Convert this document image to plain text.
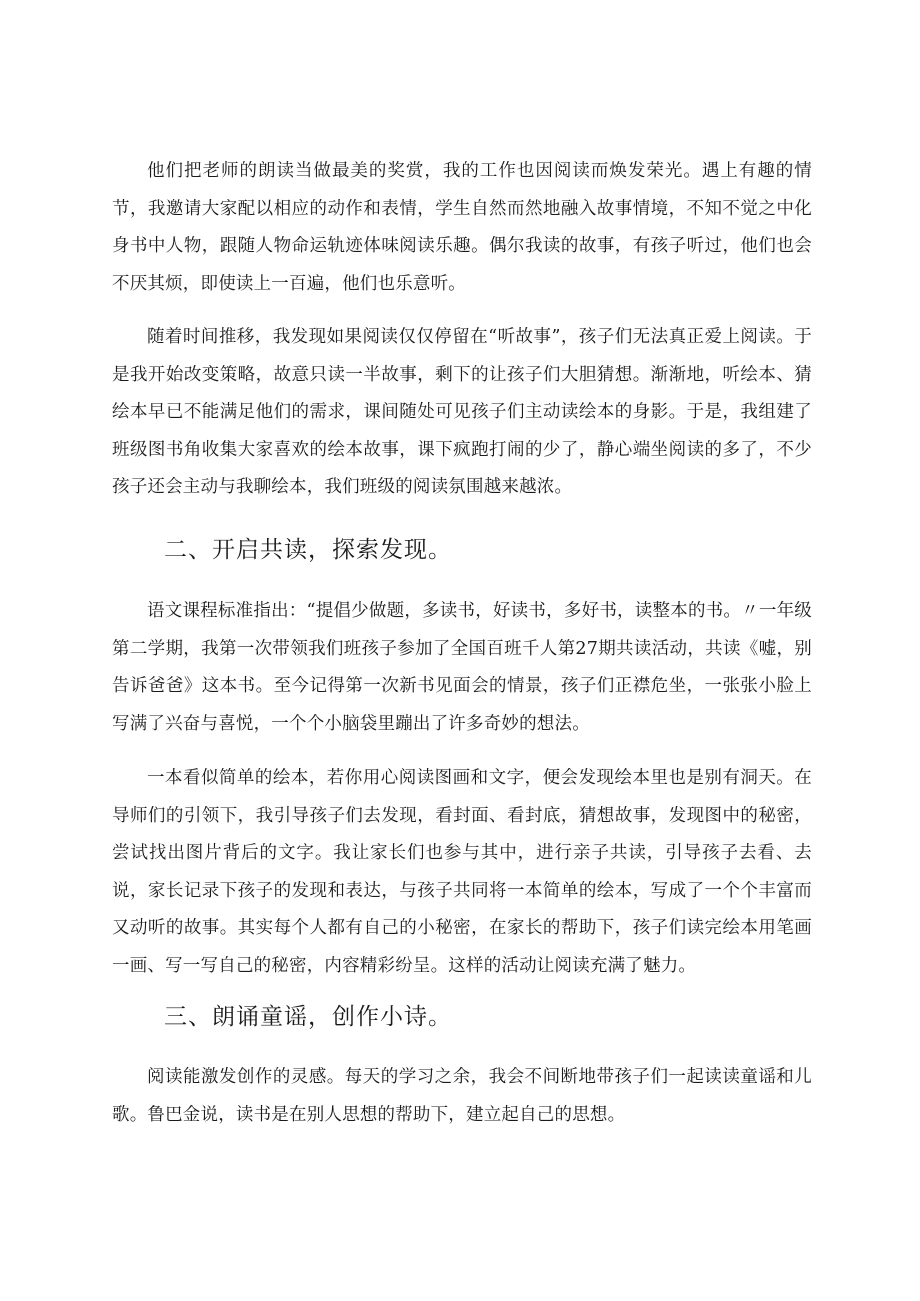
他们把老师的朗读当做最美的奖赏，我的工作也因阅读而焕发荣光。遇上有趣的情节，我邀请大家配以相应的动作和表情，学生自然而然地融入故事情境，不知不觉之中化身书中人物，跟随人物命运轨迹体味阅读乐趣。偶尔我读的故事，有孩子听过，他们也会不厌其烦，即使读上一百遍，他们也乐意听。

随着时间推移，我发现如果阅读仅仅停留在“听故事”，孩子们无法真正爱上阅读。于是我开始改变策略，故意只读一半故事，剩下的让孩子们大胆猜想。渐渐地，听绘本、猜绘本早已不能满足他们的需求，课间随处可见孩子们主动读绘本的身影。于是，我组建了班级图书角收集大家喜欢的绘本故事，课下疯跑打闹的少了，静心端坐阅读的多了，不少孩子还会主动与我聊绘本，我们班级的阅读氛围越来越浓。

二、开启共读，探索发现。

语文课程标准指出：“提倡少做题，多读书，好读书，多好书，读整本的书。〃一年级第二学期，我第一次带领我们班孩子参加了全国百班千人第27期共读活动，共读《嘘，别告诉爸爸》这本书。至今记得第一次新书见面会的情景，孩子们正襟危坐，一张张小脸上写满了兴奋与喜悦，一个个小脑袋里蹦出了许多奇妙的想法。

一本看似简单的绘本，若你用心阅读图画和文字，便会发现绘本里也是别有洞天。在导师们的引领下，我引导孩子们去发现，看封面、看封底，猜想故事，发现图中的秘密，尝试找出图片背后的文字。我让家长们也参与其中，进行亲子共读，引导孩子去看、去说，家长记录下孩子的发现和表达，与孩子共同将一本简单的绘本，写成了一个个丰富而又动听的故事。其实每个人都有自己的小秘密，在家长的帮助下，孩子们读完绘本用笔画一画、写一写自己的秘密，内容精彩纷呈。这样的活动让阅读充满了魅力。

三、朗诵童谣，创作小诗。

阅读能激发创作的灵感。每天的学习之余，我会不间断地带孩子们一起读读童谣和儿歌。鲁巴金说，读书是在别人思想的帮助下，建立起自己的思想。
